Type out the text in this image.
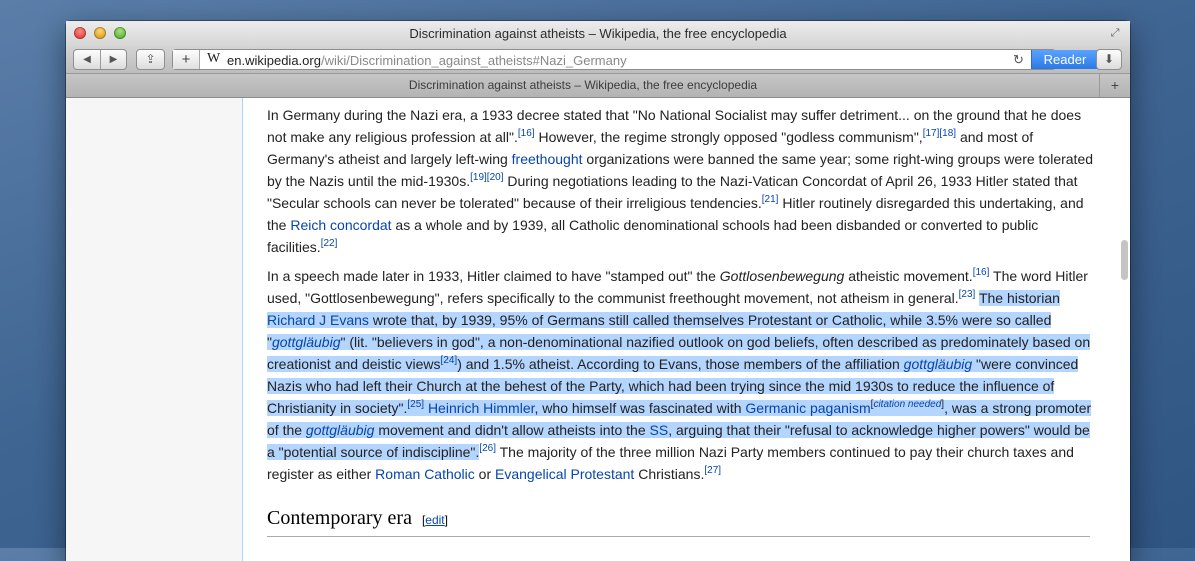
Discrimination against atheists – Wikipedia, the free encyclopedia	⤢
◀	▶	⇪	+	W en.wikipedia.org/wiki/Discrimination_against_atheists#Nazi_Germany	↻	Reader	⬇
Discrimination against atheists – Wikipedia, the free encyclopedia	+

In Germany during the Nazi era, a 1933 decree stated that "No National Socialist may suffer detriment... on the ground that he does not make any religious profession at all".[16] However, the regime strongly opposed "godless communism",[17][18] and most of Germany's atheist and largely left-wing freethought organizations were banned the same year; some right-wing groups were tolerated by the Nazis until the mid-1930s.[19][20] During negotiations leading to the Nazi-Vatican Concordat of April 26, 1933 Hitler stated that "Secular schools can never be tolerated" because of their irreligious tendencies.[21] Hitler routinely disregarded this undertaking, and the Reich concordat as a whole and by 1939, all Catholic denominational schools had been disbanded or converted to public facilities.[22]

In a speech made later in 1933, Hitler claimed to have "stamped out" the Gottlosenbewegung atheistic movement.[16] The word Hitler used, "Gottlosenbewegung", refers specifically to the communist freethought movement, not atheism in general.[23] The historian Richard J Evans wrote that, by 1939, 95% of Germans still called themselves Protestant or Catholic, while 3.5% were so called "gottgläubig" (lit. "believers in god", a non-denominational nazified outlook on god beliefs, often described as predominately based on creationist and deistic views[24]) and 1.5% atheist. According to Evans, those members of the affiliation gottgläubig "were convinced Nazis who had left their Church at the behest of the Party, which had been trying since the mid 1930s to reduce the influence of Christianity in society".[25] Heinrich Himmler, who himself was fascinated with Germanic paganism[citation needed], was a strong promoter of the gottgläubig movement and didn't allow atheists into the SS, arguing that their "refusal to acknowledge higher powers" would be a "potential source of indiscipline".[26] The majority of the three million Nazi Party members continued to pay their church taxes and register as either Roman Catholic or Evangelical Protestant Christians.[27]

Contemporary era [edit]
